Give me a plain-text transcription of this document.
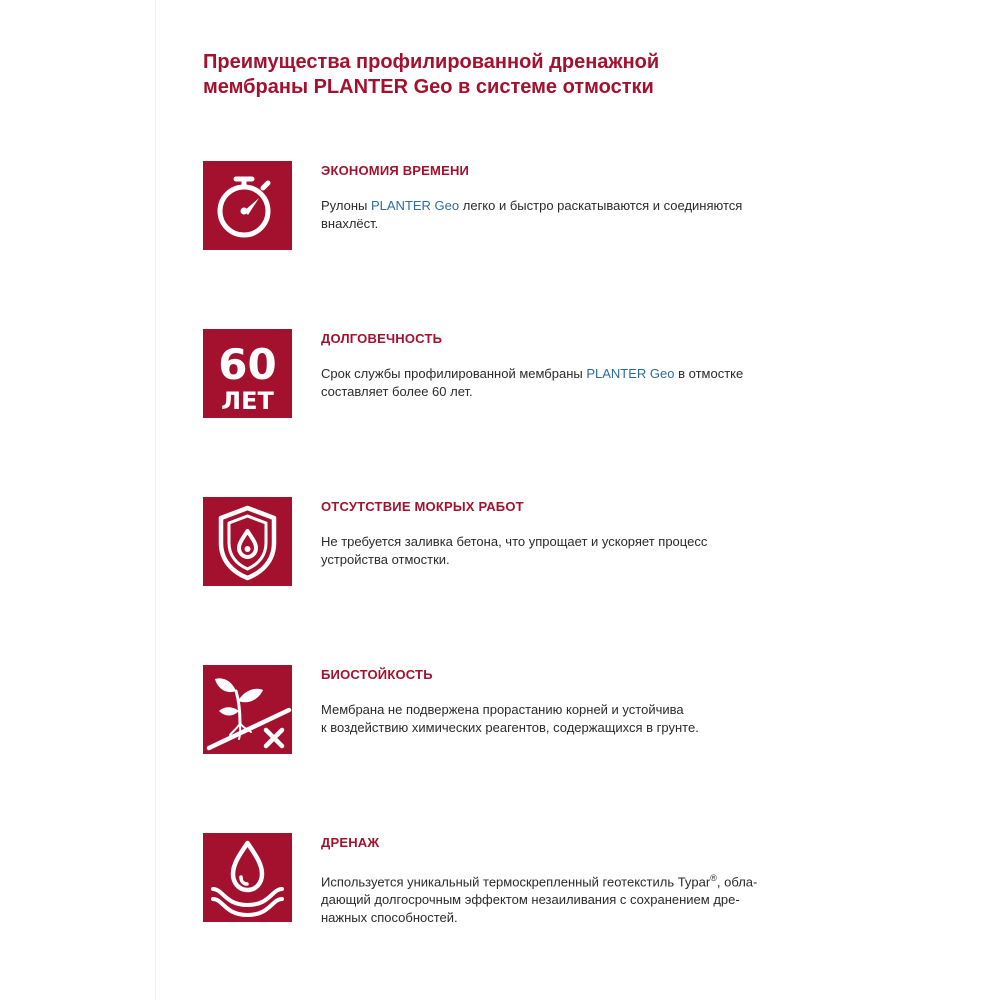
Преимущества профилированной дренажной
мембраны PLANTER Geo в системе отмостки
ЭКОНОМИЯ ВРЕМЕНИ

Рулоны PLANTER Geo легко и быстро раскатываются и соединяются
внахлёст.

60
ЛЕТ
ДОЛГОВЕЧНОСТЬ

Срок службы профилированной мембраны PLANTER Geo в отмостке
составляет более 60 лет.

ОТСУТСТВИЕ МОКРЫХ РАБОТ

Не требуется заливка бетона, что упрощает и ускоряет процесс
устройства отмостки.

БИОСТОЙКОСТЬ

Мембрана не подвержена прорастанию корней и устойчива
к воздействию химических реагентов, содержащихся в грунте.

ДРЕНАЖ

Используется уникальный термоскрепленный геотекстиль Typar®, обла-
дающий долгосрочным эффектом незаиливания с сохранением дре-
нажных способностей.
